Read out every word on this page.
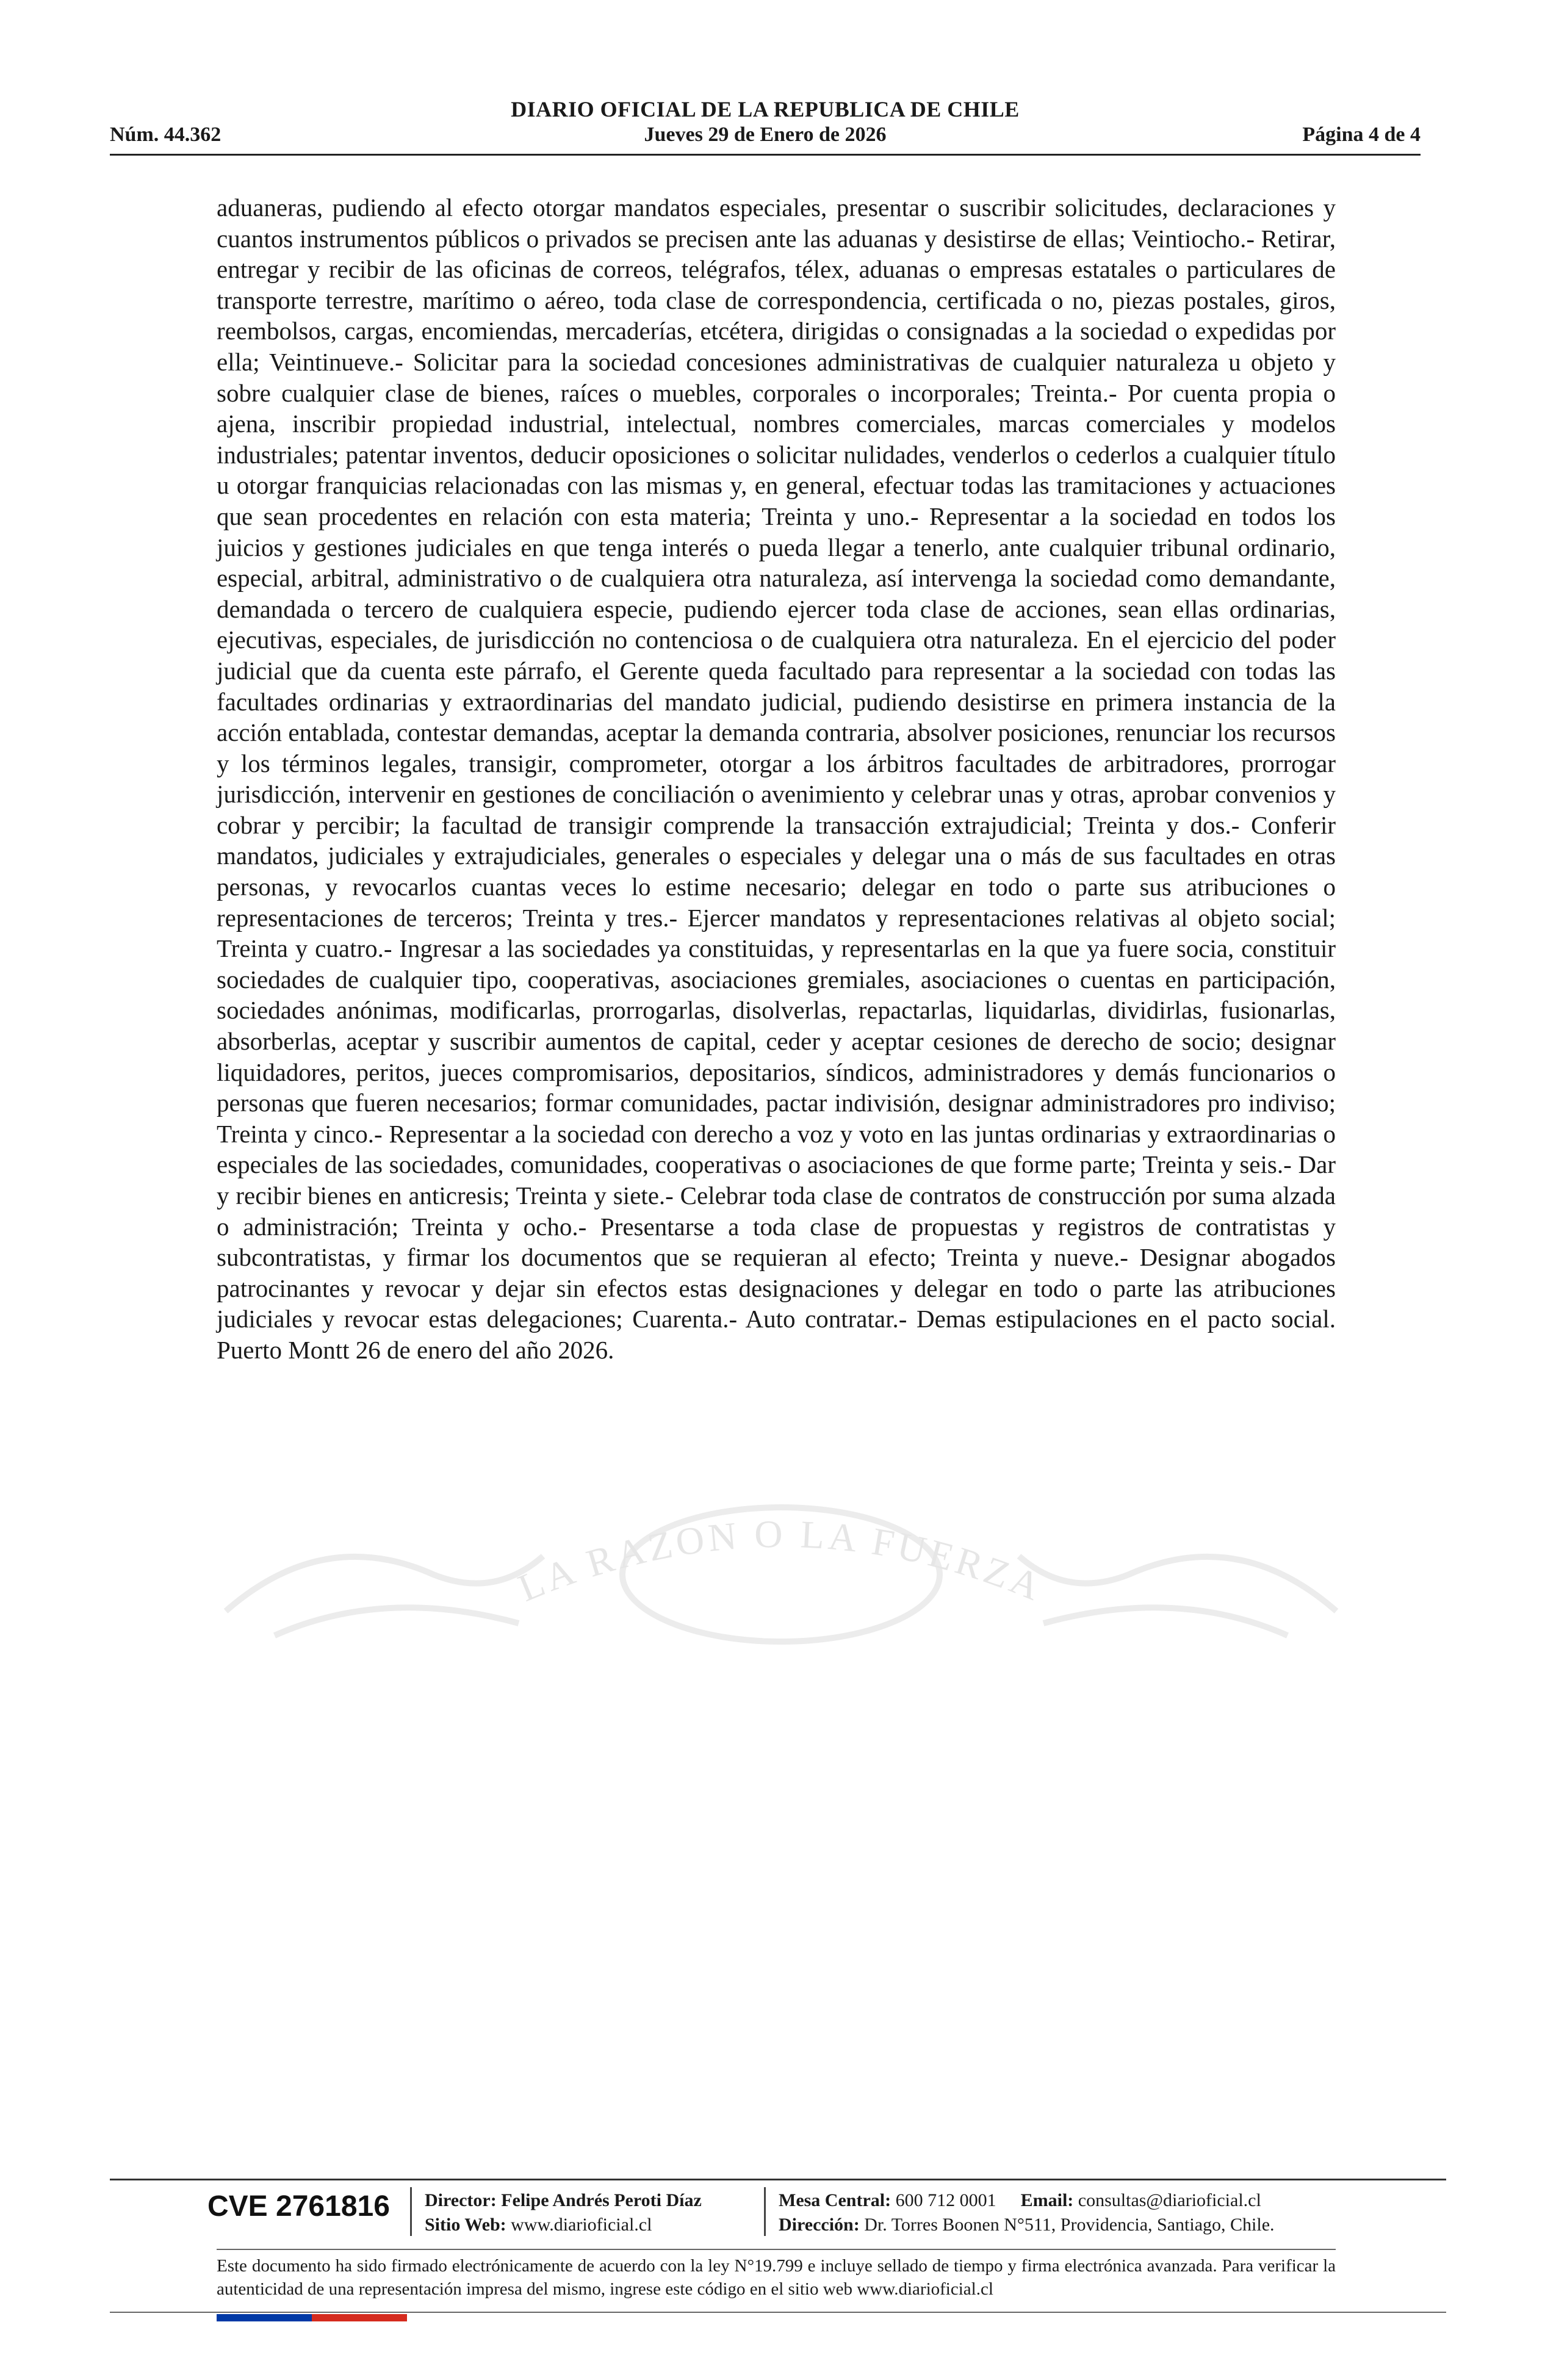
DIARIO OFICIAL DE LA REPUBLICA DE CHILE
Núm. 44.362	Jueves 29 de Enero de 2026	Página 4 de 4
LA RAZON O LA FUERZA
aduaneras, pudiendo al efecto otorgar mandatos especiales, presentar o suscribir solicitudes, declaraciones y cuantos instrumentos públicos o privados se precisen ante las aduanas y desistirse de ellas; Veintiocho.- Retirar, entregar y recibir de las oficinas de correos, telégrafos, télex, aduanas o empresas estatales o particulares de transporte terrestre, marítimo o aéreo, toda clase de correspondencia, certificada o no, piezas postales, giros, reembolsos, cargas, encomiendas, mercaderías, etcétera, dirigidas o consignadas a la sociedad o expedidas por ella; Veintinueve.- Solicitar para la sociedad concesiones administrativas de cualquier naturaleza u objeto y sobre cualquier clase de bienes, raíces o muebles, corporales o incorporales; Treinta.- Por cuenta propia o ajena, inscribir propiedad industrial, intelectual, nombres comerciales, marcas comerciales y modelos industriales; patentar inventos, deducir oposiciones o solicitar nulidades, venderlos o cederlos a cualquier título u otorgar franquicias relacionadas con las mismas y, en general, efectuar todas las tramitaciones y actuaciones que sean procedentes en relación con esta materia; Treinta y uno.- Representar a la sociedad en todos los juicios y gestiones judiciales en que tenga interés o pueda llegar a tenerlo, ante cualquier tribunal ordinario, especial, arbitral, administrativo o de cualquiera otra naturaleza, así intervenga la sociedad como demandante, demandada o tercero de cualquiera especie, pudiendo ejercer toda clase de acciones, sean ellas ordinarias, ejecutivas, especiales, de jurisdicción no contenciosa o de cualquiera otra naturaleza. En el ejercicio del poder judicial que da cuenta este párrafo, el Gerente queda facultado para representar a la sociedad con todas las facultades ordinarias y extraordinarias del mandato judicial, pudiendo desistirse en primera instancia de la acción entablada, contestar demandas, aceptar la demanda contraria, absolver posiciones, renunciar los recursos y los términos legales, transigir, comprometer, otorgar a los árbitros facultades de arbitradores, prorrogar jurisdicción, intervenir en gestiones de conciliación o avenimiento y celebrar unas y otras, aprobar convenios y cobrar y percibir; la facultad de transigir comprende la transacción extrajudicial; Treinta y dos.- Conferir mandatos, judiciales y extrajudiciales, generales o especiales y delegar una o más de sus facultades en otras personas, y revocarlos cuantas veces lo estime necesario; delegar en todo o parte sus atribuciones o representaciones de terceros; Treinta y tres.- Ejercer mandatos y representaciones relativas al objeto social; Treinta y cuatro.- Ingresar a las sociedades ya constituidas, y representarlas en la que ya fuere socia, constituir sociedades de cualquier tipo, cooperativas, asociaciones gremiales, asociaciones o cuentas en participación, sociedades anónimas, modificarlas, prorrogarlas, disolverlas, repactarlas, liquidarlas, dividirlas, fusionarlas, absorberlas, aceptar y suscribir aumentos de capital, ceder y aceptar cesiones de derecho de socio; designar liquidadores, peritos, jueces compromisarios, depositarios, síndicos, administradores y demás funcionarios o personas que fueren necesarios; formar comunidades, pactar indivisión, designar administradores pro indiviso; Treinta y cinco.- Representar a la sociedad con derecho a voz y voto en las juntas ordinarias y extraordinarias o especiales de las sociedades, comunidades, cooperativas o asociaciones de que forme parte; Treinta y seis.- Dar y recibir bienes en anticresis; Treinta y siete.- Celebrar toda clase de contratos de construcción por suma alzada o administración; Treinta y ocho.- Presentarse a toda clase de propuestas y registros de contratistas y subcontratistas, y firmar los documentos que se requieran al efecto; Treinta y nueve.- Designar abogados patrocinantes y revocar y dejar sin efectos estas designaciones y delegar en todo o parte las atribuciones judiciales y revocar estas delegaciones; Cuarenta.- Auto contratar.- Demas estipulaciones en el pacto social. Puerto Montt 26 de enero del año 2026.
CVE 2761816	Director: Felipe Andrés Peroti Díaz
Sitio Web: www.diarioficial.cl
Mesa Central: 600 712 0001 Email: consultas@diarioficial.cl
Dirección: Dr. Torres Boonen N°511, Providencia, Santiago, Chile.
Este documento ha sido firmado electrónicamente de acuerdo con la ley N°19.799 e incluye sellado de tiempo y firma electrónica avanzada. Para verificar la autenticidad de una representación impresa del mismo, ingrese este código en el sitio web www.diarioficial.cl
